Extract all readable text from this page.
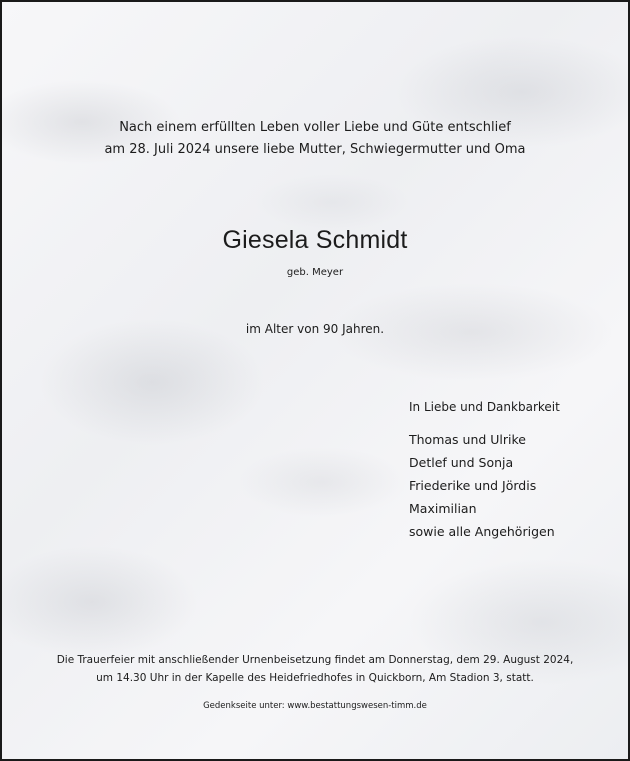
Nach einem erfüllten Leben voller Liebe und Güte entschlief
am 28. Juli 2024 unsere liebe Mutter, Schwiegermutter und Oma
Giesela Schmidt
geb. Meyer
im Alter von 90 Jahren.
In Liebe und Dankbarkeit
Thomas und Ulrike
Detlef und Sonja
Friederike und Jördis
Maximilian
sowie alle Angehörigen
Die Trauerfeier mit anschließender Urnenbeisetzung findet am Donnerstag, dem 29. August 2024,
um 14.30 Uhr in der Kapelle des Heidefriedhofes in Quickborn, Am Stadion 3, statt.
Gedenkseite unter: www.bestattungswesen-timm.de
